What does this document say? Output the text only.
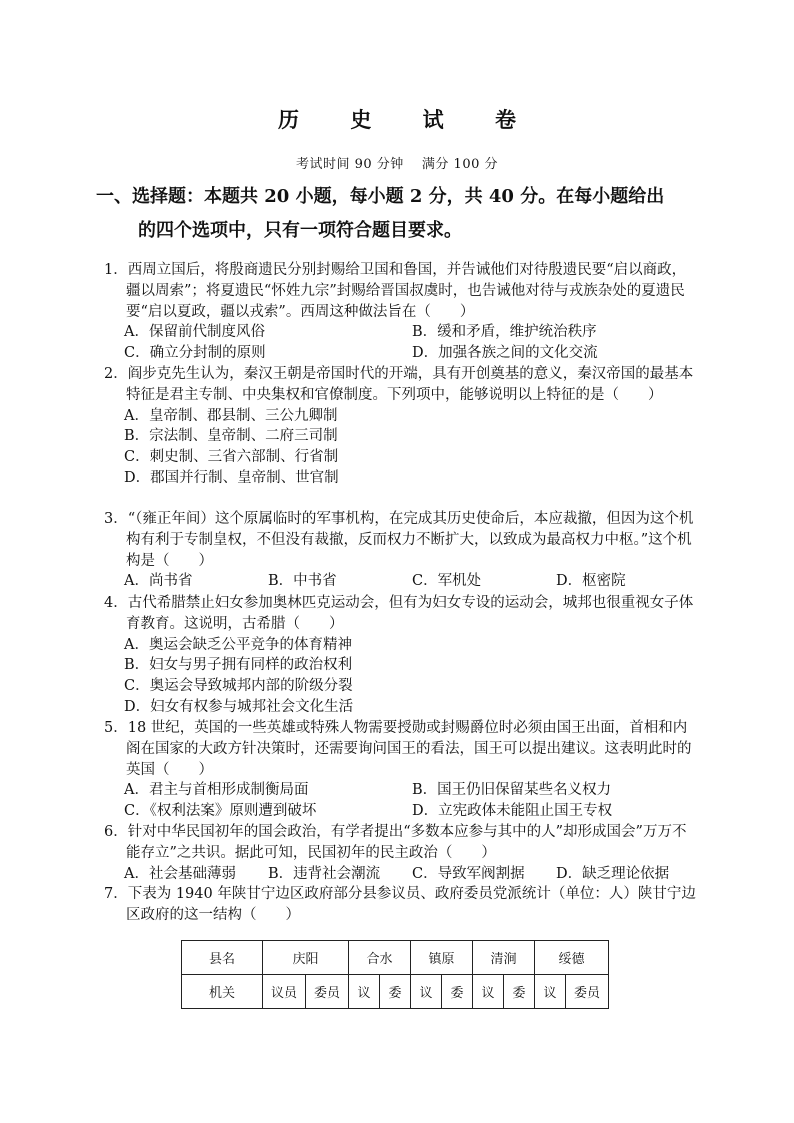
历 史 试 卷
考试时间 90 分钟　 满分 100 分
一、选择题：本题共 20 小题，每小题 2 分，共 40 分。在每小题给出
的四个选项中，只有一项符合题目要求。
1．西周立国后，将殷商遗民分别封赐给卫国和鲁国，并告诫他们对待殷遗民要“启以商政，疆以周索”；将夏遗民“怀姓九宗”封赐给晋国叔虞时，也告诫他对待与戎族杂处的夏遗民要“启以夏政，疆以戎索”。西周这种做法旨在（　　）
A．保留前代制度风俗	B．缓和矛盾，维护统治秩序
C．确立分封制的原则	D．加强各族之间的文化交流
2．阎步克先生认为，秦汉王朝是帝国时代的开端，具有开创奠基的意义，秦汉帝国的最基本特征是君主专制、中央集权和官僚制度。下列项中，能够说明以上特征的是（　　）
A．皇帝制、郡县制、三公九卿制
B．宗法制、皇帝制、二府三司制
C．刺史制、三省六部制、行省制
D．郡国并行制、皇帝制、世官制
3．“（雍正年间）这个原属临时的军事机构，在完成其历史使命后，本应裁撤，但因为这个机构有利于专制皇权，不但没有裁撤，反而权力不断扩大，以致成为最高权力中枢。”这个机构是（　　）
A．尚书省	B．中书省	C．军机处	D．枢密院
4．古代希腊禁止妇女参加奥林匹克运动会，但有为妇女专设的运动会，城邦也很重视女子体育教育。这说明，古希腊（　　）
A．奥运会缺乏公平竞争的体育精神
B．妇女与男子拥有同样的政治权利
C．奥运会导致城邦内部的阶级分裂
D．妇女有权参与城邦社会文化生活
5．18 世纪，英国的一些英雄或特殊人物需要授勋或封赐爵位时必须由国王出面，首相和内阁在国家的大政方针决策时，还需要询问国王的看法，国王可以提出建议。这表明此时的英国（　　）
A．君主与首相形成制衡局面	B．国王仍旧保留某些名义权力
C．《权利法案》原则遭到破坏	D．立宪政体未能阻止国王专权
6．针对中华民国初年的国会政治，有学者提出“多数本应参与其中的人”却形成国会”万万不能存立”之共识。据此可知，民国初年的民主政治（　　）
A．社会基础薄弱	B．违背社会潮流	C．导致军阀割据	D．缺乏理论依据
7．下表为 1940 年陕甘宁边区政府部分县参议员、政府委员党派统计（单位：人）陕甘宁边区政府的这一结构（　　）
县名	庆阳		合水		镇原		清涧		绥德	
机关	议员	委员	议	委	议	委	议	委	议	委员
